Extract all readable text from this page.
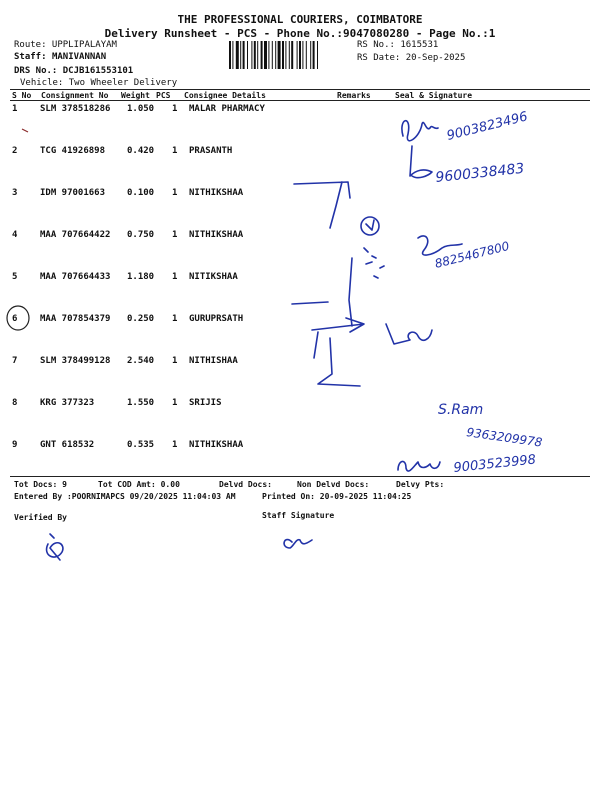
THE PROFESSIONAL COURIERS, COIMBATORE
Delivery Runsheet - PCS - Phone No.:9047080280 - Page No.:1
Route: UPPLIPALAYAM
Staff: MANIVANNAN
DRS No.: DCJB161553101
Vehicle: Two Wheeler Delivery
RS No.: 1615531
RS Date: 20-Sep-2025
S No Consignment No Weight PCS Consignee Details	Remarks	Seal & Signature
1	SLM 378518286 1.050 1 MALAR PHARMACY
2	TCG 41926898 0.420 1 PRASANTH
3	IDM 97001663 0.100 1 NITHIKSHAA
4	MAA 707664422 0.750 1 NITHIKSHAA
5	MAA 707664433 1.180 1 NITIKSHAA
6	MAA 707854379 0.250 1 GURUPRSATH
7	SLM 378499128 2.540 1 NITHISHAA
8	KRG 377323	1.550 1 SRIJIS
9	GNT 618532	0.535 1 NITHIKSHAA
Tot Docs: 9	Tot COD Amt: 0.00	Delvd Docs:	Non Delvd Docs:	Delvy Pts:
Entered By :POORNIMAPCS 09/20/2025 11:04:03 AM	Printed On: 20-09-2025 11:04:25
Verified By	Staff Signature
9003823496
9600338483
8825467800
S.Ram
9363209978
9003523998
